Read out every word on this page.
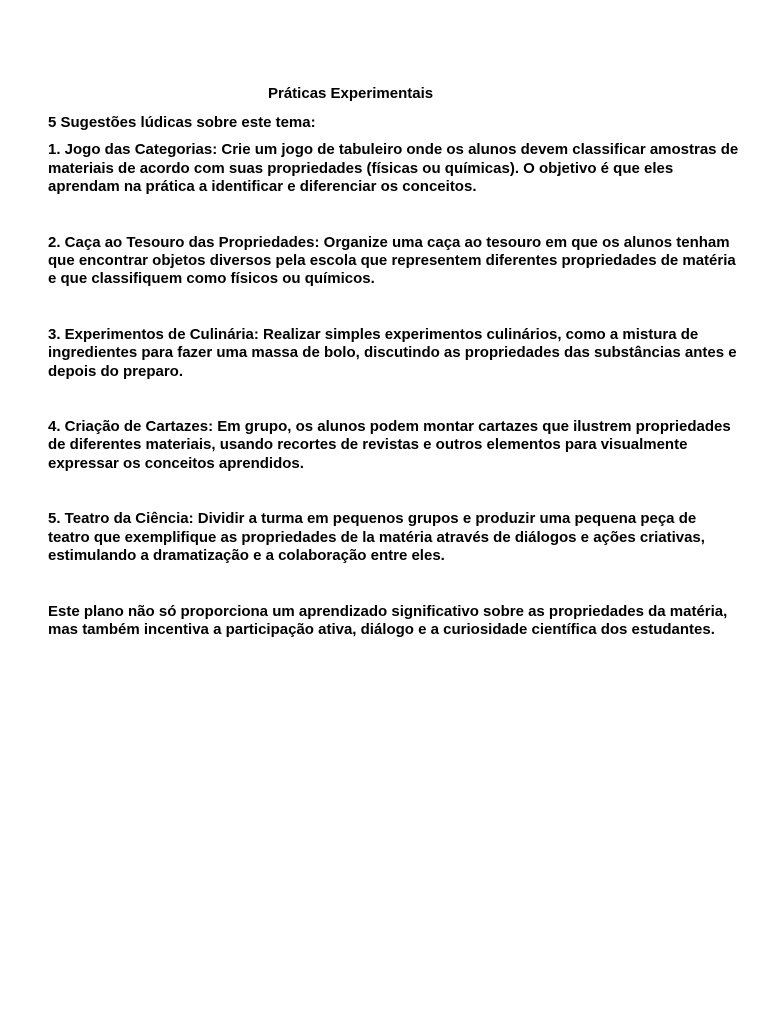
Práticas Experimentais

5 Sugestões lúdicas sobre este tema:

1. Jogo das Categorias: Crie um jogo de tabuleiro onde os alunos devem classificar amostras de materiais de acordo com suas propriedades (físicas ou químicas). O objetivo é que eles aprendam na prática a identificar e diferenciar os conceitos.

2. Caça ao Tesouro das Propriedades: Organize uma caça ao tesouro em que os alunos tenham que encontrar objetos diversos pela escola que representem diferentes propriedades de matéria e que classifiquem como físicos ou químicos.

3. Experimentos de Culinária: Realizar simples experimentos culinários, como a mistura de ingredientes para fazer uma massa de bolo, discutindo as propriedades das substâncias antes e depois do preparo.

4. Criação de Cartazes: Em grupo, os alunos podem montar cartazes que ilustrem propriedades de diferentes materiais, usando recortes de revistas e outros elementos para visualmente expressar os conceitos aprendidos.

5. Teatro da Ciência: Dividir a turma em pequenos grupos e produzir uma pequena peça de teatro que exemplifique as propriedades de la matéria através de diálogos e ações criativas, estimulando a dramatização e a colaboração entre eles.

Este plano não só proporciona um aprendizado significativo sobre as propriedades da matéria, mas também incentiva a participação ativa, diálogo e a curiosidade científica dos estudantes.
